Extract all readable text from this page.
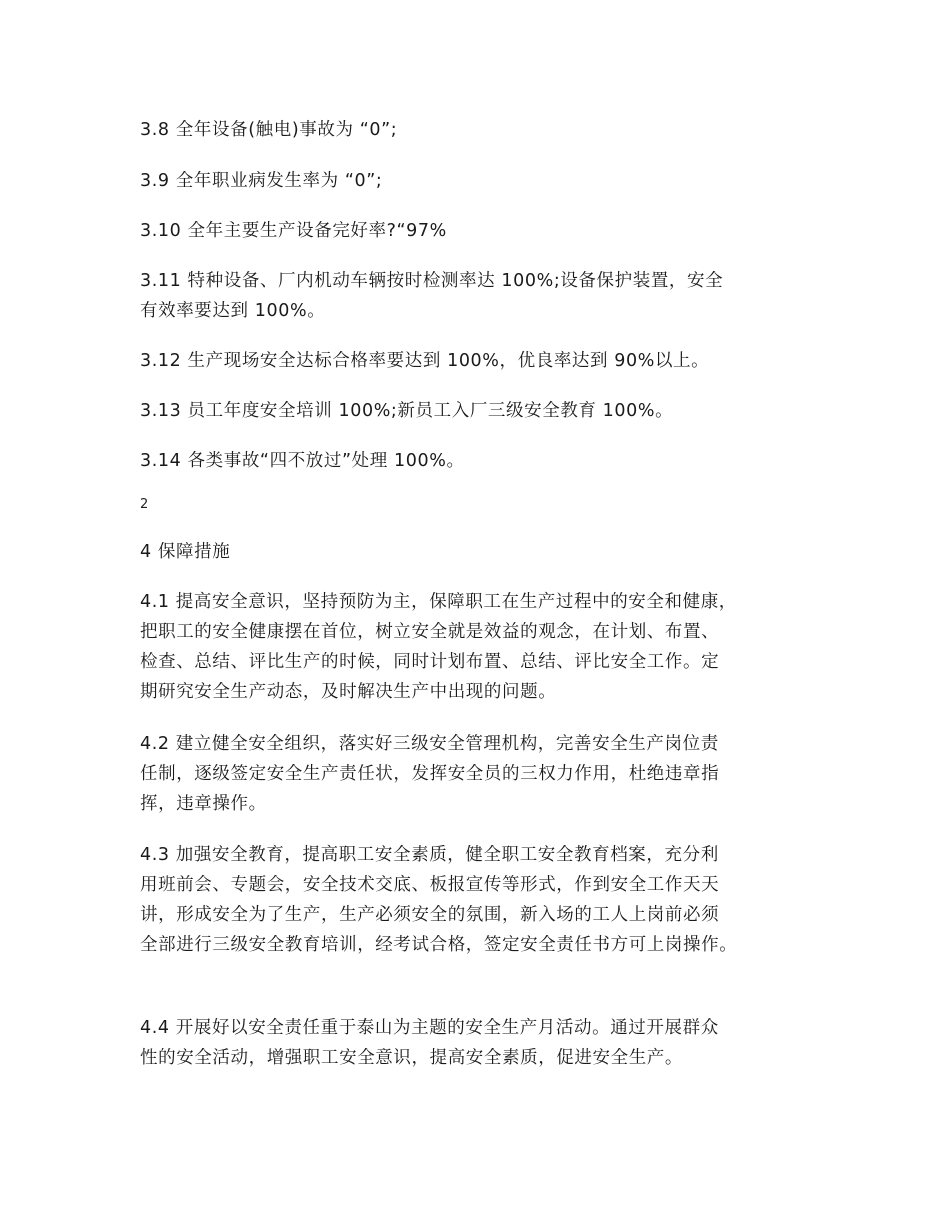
3.8 全年设备(触电)事故为 “0”;

3.9 全年职业病发生率为 “0”;

3.10 全年主要生产设备完好率?“97%

3.11 特种设备、厂内机动车辆按时检测率达 100%;设备保护装置，安全
有效率要达到 100%。

3.12 生产现场安全达标合格率要达到 100%，优良率达到 90%以上。

3.13 员工年度安全培训 100%;新员工入厂三级安全教育 100%。

3.14 各类事故“四不放过”处理 100%。

2

4 保障措施

4.1 提高安全意识，坚持预防为主，保障职工在生产过程中的安全和健康，
把职工的安全健康摆在首位，树立安全就是效益的观念，在计划、布置、
检查、总结、评比生产的时候，同时计划布置、总结、评比安全工作。定
期研究安全生产动态，及时解决生产中出现的问题。

4.2 建立健全安全组织，落实好三级安全管理机构，完善安全生产岗位责
任制，逐级签定安全生产责任状，发挥安全员的三权力作用，杜绝违章指
挥，违章操作。

4.3 加强安全教育，提高职工安全素质，健全职工安全教育档案，充分利
用班前会、专题会，安全技术交底、板报宣传等形式，作到安全工作天天
讲，形成安全为了生产，生产必须安全的氛围，新入场的工人上岗前必须
全部进行三级安全教育培训，经考试合格，签定安全责任书方可上岗操作。

4.4 开展好以安全责任重于泰山为主题的安全生产月活动。通过开展群众
性的安全活动，增强职工安全意识，提高安全素质，促进安全生产。
